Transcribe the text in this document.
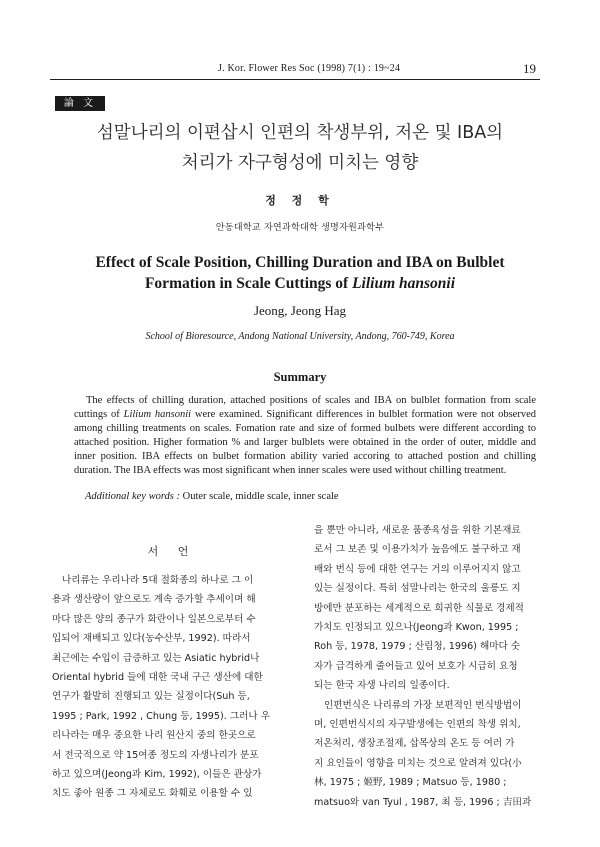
J. Kor. Flower Res Soc (1998) 7(1) : 19~24	19
論 文
섬말나리의 이편삽시 인편의 착생부위, 저온 및 IBA의
처리가 자구형성에 미치는 영향
정 정 학
안동대학교 자연과학대학 생명자원과학부
Effect of Scale Position, Chilling Duration and IBA on Bulblet
Formation in Scale Cuttings of Lilium hansonii
Jeong, Jeong Hag
School of Bioresource, Andong National University, Andong, 760-749, Korea
Summary

The effects of chilling duration, attached positions of scales and IBA on bulblet formation from scale cuttings of Lilium hansonii were examined. Significant differences in bulblet formation were not observed among chilling treatments on scales. Fomation rate and size of formed bulbets were different according to attached position. Higher formation % and larger bulblets were obtained in the order of outer, middle and inner position. IBA effects on bulbet formation ability varied accoring to attached postion and chilling duration. The IBA effects was most significant when inner scales were used without chilling treatment.

Additional key words : Outer scale, middle scale, inner scale
서 언
나리류는 우리나라 5대 절화종의 하나로 그 이
용과 생산량이 앞으로도 계속 증가할 추세이며 해
마다 많은 양의 종구가 화란이나 일본으로부터 수
입되어 재배되고 있다(농수산부, 1992). 따라서
최근에는 수입이 급증하고 있는 Asiatic hybrid나
Oriental hybrid 들에 대한 국내 구근 생산에 대한
연구가 활발히 진행되고 있는 실정이다(Suh 등,
1995 ; Park, 1992 , Chung 등, 1995). 그러나 우
리나라는 매우 중요한 나리 원산지 중의 한곳으로
서 전국적으로 약 15여종 정도의 자생나리가 분포
하고 있으며(Jeong과 Kim, 1992), 이들은 관상가
치도 좋아 원종 그 자체로도 화훼로 이용할 수 있
을 뿐만 아니라, 새로운 품종육성을 위한 기본재료
로서 그 보존 및 이용가치가 높음에도 불구하고 재
배와 번식 등에 대한 연구는 거의 이루어지지 않고
있는 실정이다. 특히 섬말나리는 한국의 울릉도 지
방에만 분포하는 세계적으로 희귀한 식물로 경제적
가치도 인정되고 있으나(Jeong과 Kwon, 1995 ;
Roh 등, 1978, 1979 ; 산림청, 1996) 해마다 숫
자가 급격하게 줄어들고 있어 보호가 시급히 요청
되는 한국 자생 나리의 일종이다.
인편번식은 나리류의 가장 보편적인 번식방법이
며, 인편번식시의 자구발생에는 인편의 착생 위치,
저온처리, 생장조절제, 삽목상의 온도 등 여러 가
지 요인들이 영향을 미치는 것으로 알려져 있다(小
林, 1975 ; 姬野, 1989 ; Matsuo 등, 1980 ;
matsuo와 van Tyul , 1987, 최 등, 1996 ; 吉田과
